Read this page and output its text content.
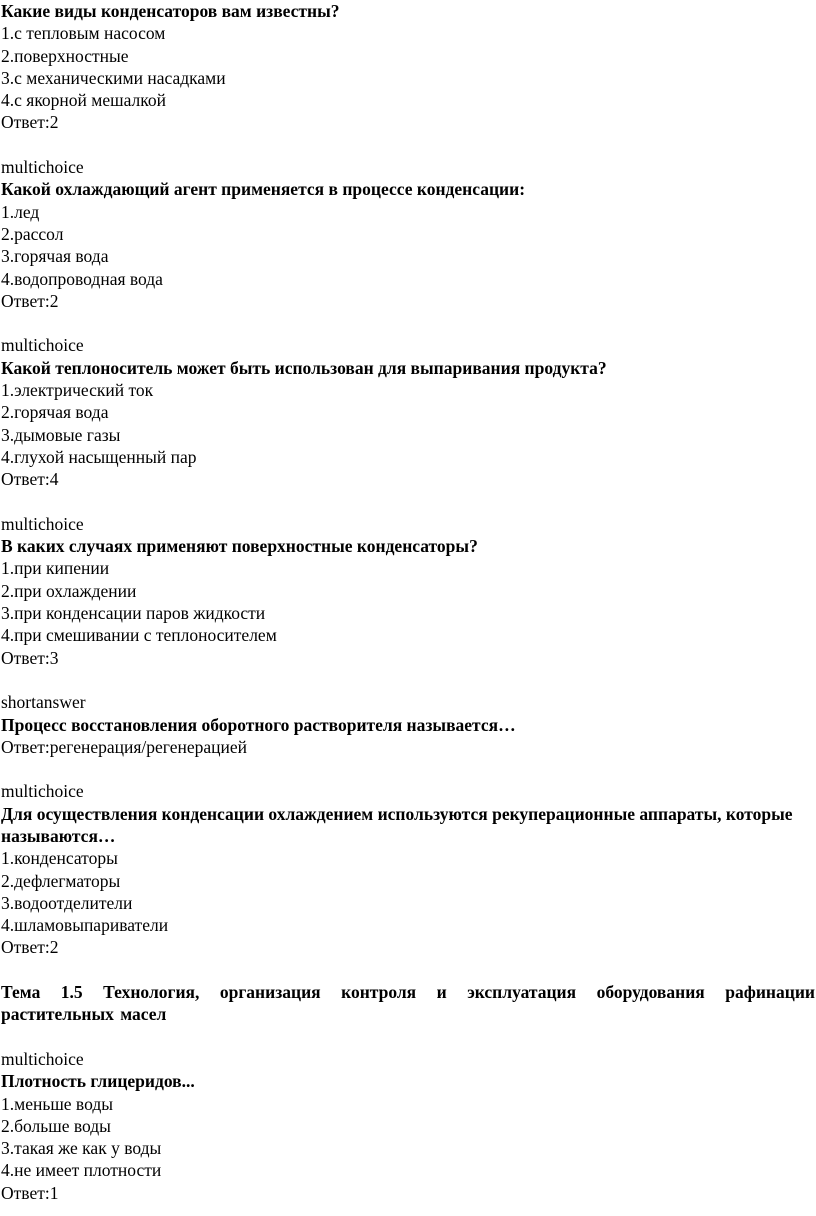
Какие виды конденсаторов вам известны?
1.с тепловым насосом
2.поверхностные
3.с механическими насадками
4.с якорной мешалкой
Ответ:2
multichoice
Какой охлаждающий агент применяется в процессе конденсации:
1.лед
2.рассол
3.горячая вода
4.водопроводная вода
Ответ:2
multichoice
Какой теплоноситель может быть использован для выпаривания продукта?
1.электрический ток
2.горячая вода
3.дымовые газы
4.глухой насыщенный пар
Ответ:4
multichoice
В каких случаях применяют поверхностные конденсаторы?
1.при кипении
2.при охлаждении
3.при конденсации паров жидкости
4.при смешивании с теплоносителем
Ответ:3
shortanswer
Процесс восстановления оборотного растворителя называется…
Ответ:регенерация/регенерацией
multichoice
Для осуществления конденсации охлаждением используются рекуперационные аппараты, которые называются…
1.конденсаторы
2.дефлегматоры
3.водоотделители
4.шламовыпариватели
Ответ:2
Тема 1.5 Технология, организация контроля и эксплуатация оборудования рафинации растительных масел
multichoice
Плотность глицеридов...
1.меньше воды
2.больше воды
3.такая же как у воды
4.не имеет плотности
Ответ:1
